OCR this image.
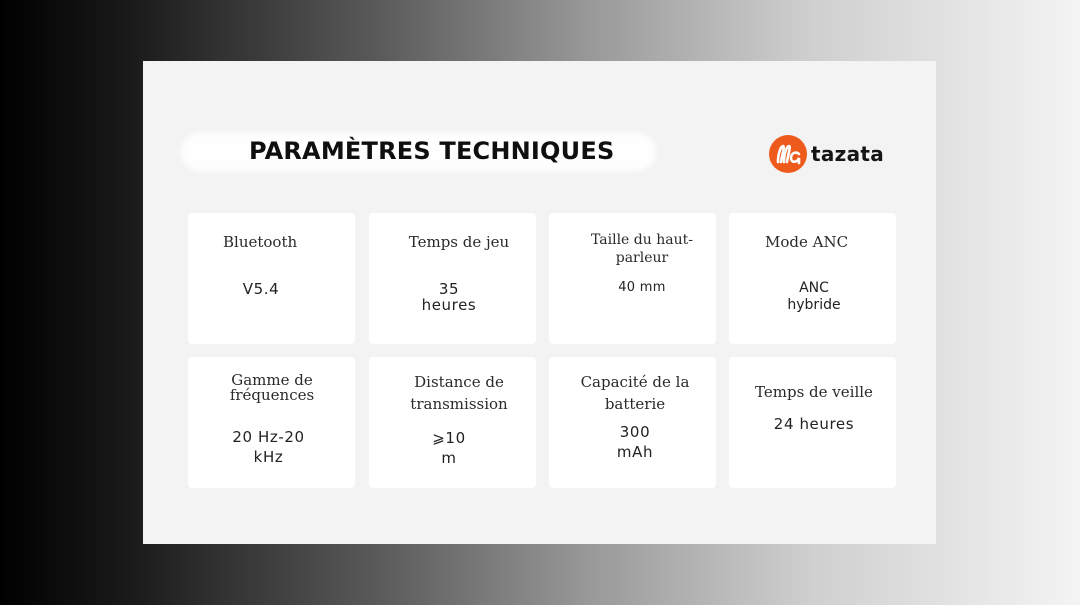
PARAMÈTRES TECHNIQUES	tazata
Bluetooth
V5.4
Temps de jeu
35
heures
Taille du haut-
parleur
40 mm
Mode ANC
ANC
hybride
Gamme de
fréquences
20 Hz-20
kHz
Distance de
transmission
⩾10
m
Capacité de la
batterie
300
mAh
Temps de veille
24 heures
